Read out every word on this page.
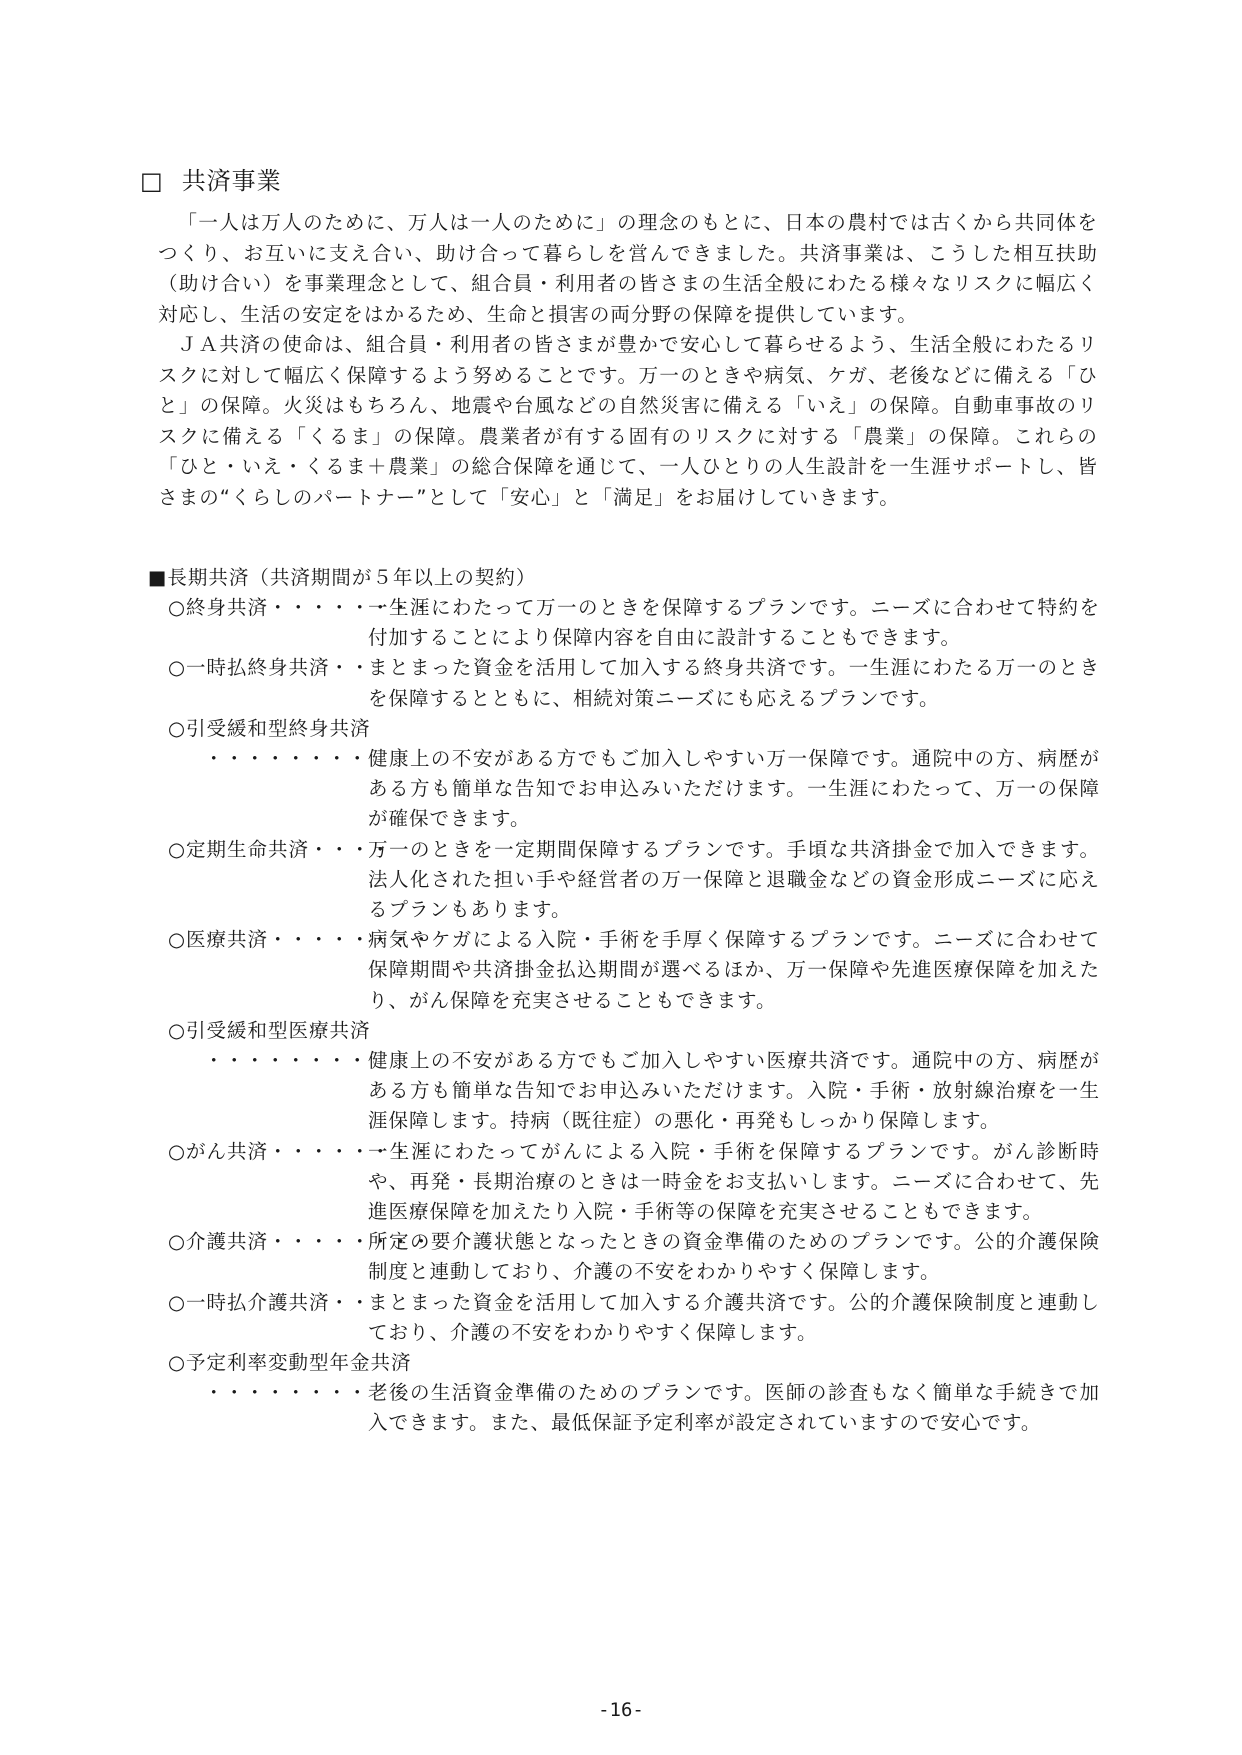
□ 共済事業

「一人は万人のために、万人は一人のために」の理念のもとに、日本の農村では古くから共同体をつくり、お互いに支え合い、助け合って暮らしを営んできました。共済事業は、こうした相互扶助（助け合い）を事業理念として、組合員・利用者の皆さまの生活全般にわたる様々なリスクに幅広く対応し、生活の安定をはかるため、生命と損害の両分野の保障を提供しています。

ＪＡ共済の使命は、組合員・利用者の皆さまが豊かで安心して暮らせるよう、生活全般にわたるリスクに対して幅広く保障するよう努めることです。万一のときや病気、ケガ、老後などに備える「ひと」の保障。火災はもちろん、地震や台風などの自然災害に備える「いえ」の保障。自動車事故のリスクに備える「くるま」の保障。農業者が有する固有のリスクに対する「農業」の保障。これらの「ひと・いえ・くるま＋農業」の総合保障を通じて、一人ひとりの人生設計を一生涯サポートし、皆さまの“くらしのパートナー”として「安心」と「満足」をお届けしていきます。

■長期共済（共済期間が５年以上の契約）
○終身共済・・・・・・・・
一生涯にわたって万一のときを保障するプランです。ニーズに合わせて特約を付加することにより保障内容を自由に設計することもできます。
○一時払終身共済・・
まとまった資金を活用して加入する終身共済です。一生涯にわたる万一のときを保障するとともに、相続対策ニーズにも応えるプランです。
○引受緩和型終身共済
・・・・・・・・ 健康上の不安がある方でもご加入しやすい万一保障です。通院中の方、病歴がある方も簡単な告知でお申込みいただけます。一生涯にわたって、万一の保障が確保できます。
○定期生命共済・・・・
万一のときを一定期間保障するプランです。手頃な共済掛金で加入できます。法人化された担い手や経営者の万一保障と退職金などの資金形成ニーズに応えるプランもあります。
○医療共済・・・・・・・・
病気やケガによる入院・手術を手厚く保障するプランです。ニーズに合わせて保障期間や共済掛金払込期間が選べるほか、万一保障や先進医療保障を加えたり、がん保障を充実させることもできます。
○引受緩和型医療共済
・・・・・・・・ 健康上の不安がある方でもご加入しやすい医療共済です。通院中の方、病歴がある方も簡単な告知でお申込みいただけます。入院・手術・放射線治療を一生涯保障します。持病（既往症）の悪化・再発もしっかり保障します。
○がん共済・・・・・・・・
一生涯にわたってがんによる入院・手術を保障するプランです。がん診断時や、再発・長期治療のときは一時金をお支払いします。ニーズに合わせて、先進医療保障を加えたり入院・手術等の保障を充実させることもできます。
○介護共済・・・・・・・・
所定の要介護状態となったときの資金準備のためのプランです。公的介護保険制度と連動しており、介護の不安をわかりやすく保障します。
○一時払介護共済・・
まとまった資金を活用して加入する介護共済です。公的介護保険制度と連動しており、介護の不安をわかりやすく保障します。
○予定利率変動型年金共済
・・・・・・・・ 老後の生活資金準備のためのプランです。医師の診査もなく簡単な手続きで加入できます。また、最低保証予定利率が設定されていますので安心です。
-16-
